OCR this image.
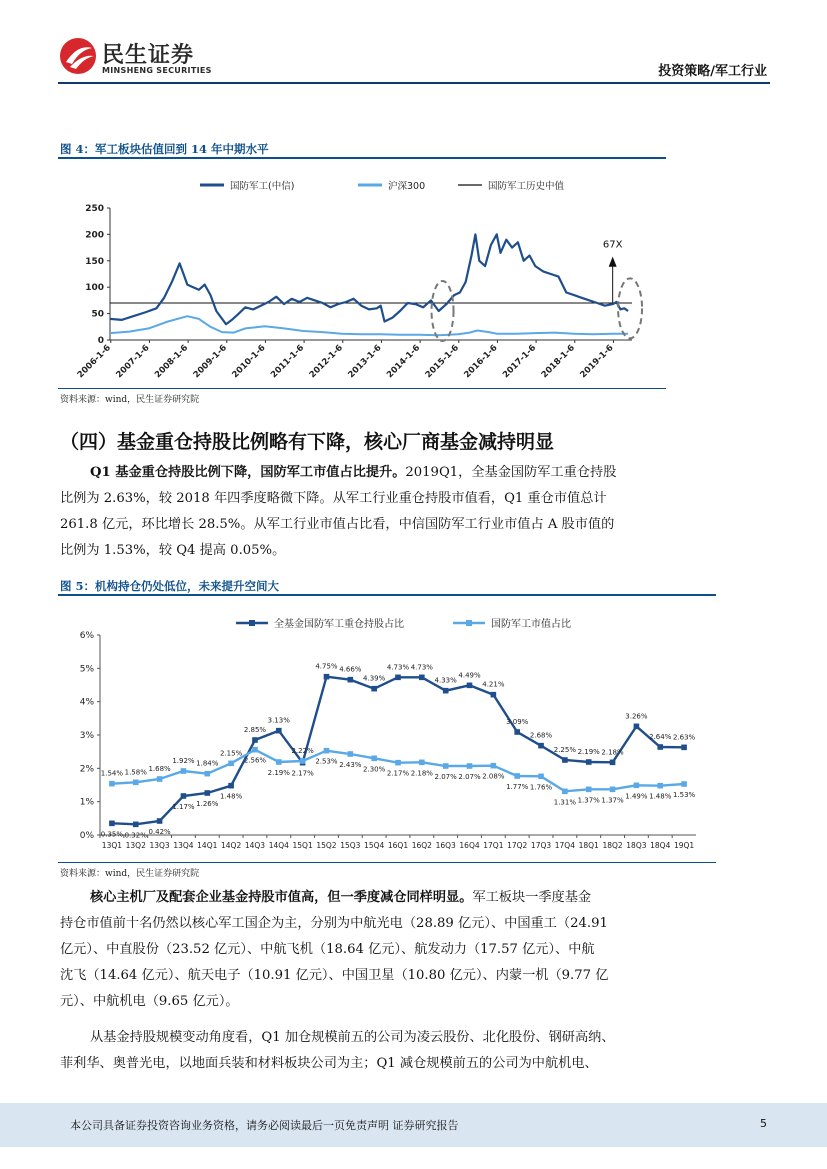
民生证券
MINSHENG SECURITIES	投资策略/军工行业
图 4：军工板块估值回到 14 年中期水平
国防军工(中信)	沪深300	国防军工历史中值
0
50
100
150
200
250
2006-1-6 2007-1-6 2008-1-6 2009-1-6 2010-1-6 2011-1-6 2012-1-6 2013-1-6 2014-1-6 2015-1-6 2016-1-6 2017-1-6 2018-1-6 2019-1-6
67X
资料来源：wind，民生证券研究院
（四）基金重仓持股比例略有下降，核心厂商基金减持明显
Q1 基金重仓持股比例下降，国防军工市值占比提升。2019Q1，全基金国防军工重仓持股
比例为 2.63%，较 2018 年四季度略微下降。从军工行业重仓持股市值看，Q1 重仓市值总计
261.8 亿元，环比增长 28.5%。从军工行业市值占比看，中信国防军工行业市值占 A 股市值的
比例为 1.53%，较 Q4 提高 0.05%。
图 5：机构持仓仍处低位，未来提升空间大
全基金国防军工重仓持股占比	国防军工市值占比
0%
1%
2%
3%
4%
5%
6%
13Q1 13Q2 13Q3 13Q4 14Q1 14Q2 14Q3 14Q4 15Q1 15Q2 15Q3 15Q4 16Q1 16Q2 16Q3 16Q4 17Q1 17Q2 17Q3 17Q4 18Q1 18Q2 18Q3 18Q4 19Q1
0.35% 0.32% 0.42%
1.17% 1.26%
1.48%
2.85%
3.13%
2.17%
4.75% 4.66%
4.39%
4.73% 4.73%
4.33%
4.49%
4.21%
3.09%
2.68%
2.25% 2.19% 2.18%
3.26%
2.64% 2.63%
1.54% 1.58% 1.68%
1.92% 1.84%
2.15%
2.56%
2.19%
2.22%
2.53% 2.43%
2.30%
2.17% 2.18% 2.07% 2.07% 2.08%
1.77% 1.76%
1.31% 1.37% 1.37% 1.49% 1.48% 1.53%
资料来源：wind，民生证券研究院
核心主机厂及配套企业基金持股市值高，但一季度减仓同样明显。军工板块一季度基金
持仓市值前十名仍然以核心军工国企为主，分别为中航光电（28.89 亿元）、中国重工（24.91
亿元）、中直股份（23.52 亿元）、中航飞机（18.64 亿元）、航发动力（17.57 亿元）、中航
沈飞（14.64 亿元）、航天电子（10.91 亿元）、中国卫星（10.80 亿元）、内蒙一机（9.77 亿
元）、中航机电（9.65 亿元）。
从基金持股规模变动角度看，Q1 加仓规模前五的公司为凌云股份、北化股份、钢研高纳、
菲利华、奥普光电，以地面兵装和材料板块公司为主；Q1 减仓规模前五的公司为中航机电、
本公司具备证券投资咨询业务资格，请务必阅读最后一页免责声明 证券研究报告	5
